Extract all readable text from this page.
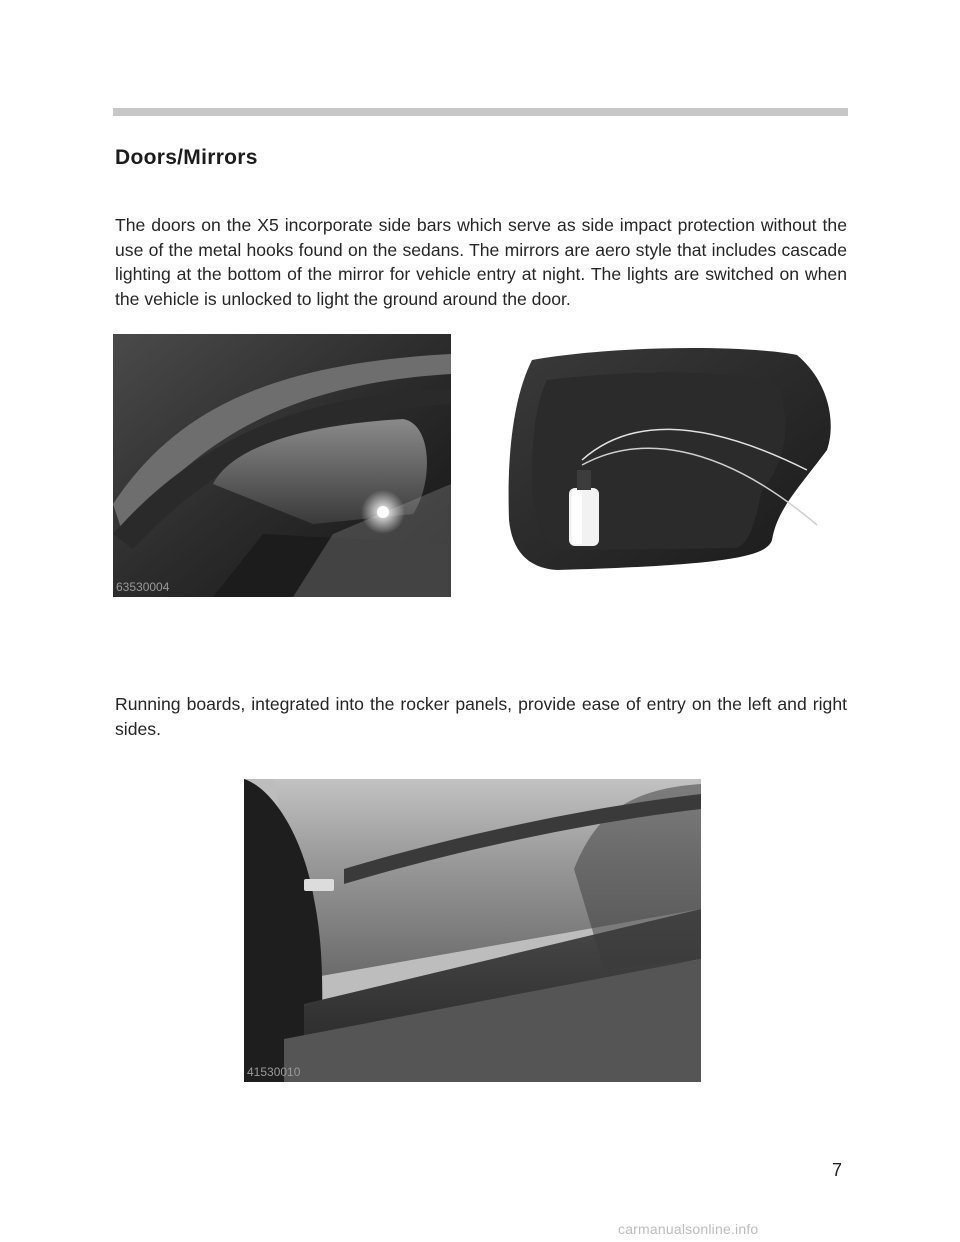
Doors/Mirrors

The doors on the X5 incorporate side bars which serve as side impact protection without the use of the metal hooks found on the sedans. The mirrors are aero style that includes cascade lighting at the bottom of the mirror for vehicle entry at night. The lights are switched on when the vehicle is unlocked to light the ground around the door.

63530004

Running boards, integrated into the rocker panels, provide ease of entry on the left and right sides.

41530010
7
carmanualsonline.info
